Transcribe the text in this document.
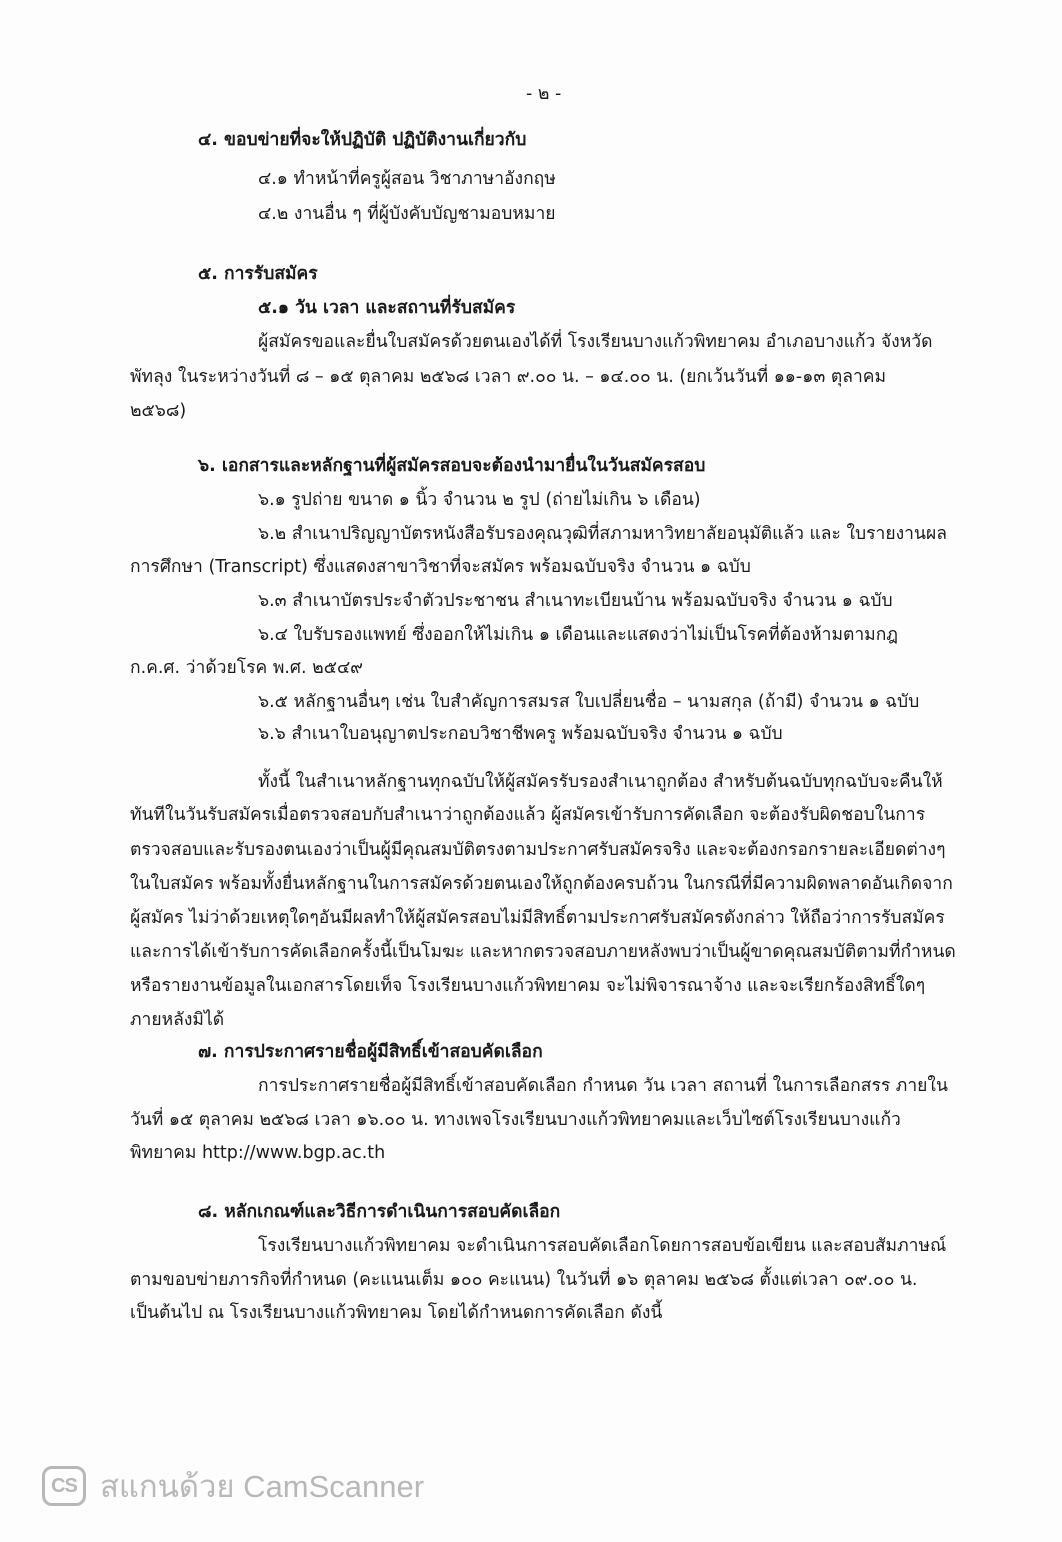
- ๒ -

๔. ขอบข่ายที่จะให้ปฏิบัติ ปฏิบัติงานเกี่ยวกับ

๔.๑ ทำหน้าที่ครูผู้สอน วิชาภาษาอังกฤษ

๔.๒ งานอื่น ๆ ที่ผู้บังคับบัญชามอบหมาย

๕. การรับสมัคร

๕.๑ วัน เวลา และสถานที่รับสมัคร

ผู้สมัครขอและยื่นใบสมัครด้วยตนเองได้ที่ โรงเรียนบางแก้วพิทยาคม อำเภอบางแก้ว จังหวัด

พัทลุง ในระหว่างวันที่ ๘ – ๑๕ ตุลาคม ๒๕๖๘ เวลา ๙.๐๐ น. – ๑๔.๐๐ น. (ยกเว้นวันที่ ๑๑-๑๓ ตุลาคม

๒๕๖๘)

๖. เอกสารและหลักฐานที่ผู้สมัครสอบจะต้องนำมายื่นในวันสมัครสอบ

๖.๑ รูปถ่าย ขนาด ๑ นิ้ว จำนวน ๒ รูป (ถ่ายไม่เกิน ๖ เดือน)

๖.๒ สำเนาปริญญาบัตรหนังสือรับรองคุณวุฒิที่สภามหาวิทยาลัยอนุมัติแล้ว และ ใบรายงานผล

การศึกษา (Transcript) ซึ่งแสดงสาขาวิชาที่จะสมัคร พร้อมฉบับจริง จำนวน ๑ ฉบับ

๖.๓ สำเนาบัตรประจำตัวประชาชน สำเนาทะเบียนบ้าน พร้อมฉบับจริง จำนวน ๑ ฉบับ

๖.๔ ใบรับรองแพทย์ ซึ่งออกให้ไม่เกิน ๑ เดือนและแสดงว่าไม่เป็นโรคที่ต้องห้ามตามกฎ

ก.ค.ศ. ว่าด้วยโรค พ.ศ. ๒๕๔๙

๖.๕ หลักฐานอื่นๆ เช่น ใบสำคัญการสมรส ใบเปลี่ยนชื่อ – นามสกุล (ถ้ามี) จำนวน ๑ ฉบับ

๖.๖ สำเนาใบอนุญาตประกอบวิชาชีพครู พร้อมฉบับจริง จำนวน ๑ ฉบับ

ทั้งนี้ ในสำเนาหลักฐานทุกฉบับให้ผู้สมัครรับรองสำเนาถูกต้อง สำหรับต้นฉบับทุกฉบับจะคืนให้

ทันทีในวันรับสมัครเมื่อตรวจสอบกับสำเนาว่าถูกต้องแล้ว ผู้สมัครเข้ารับการคัดเลือก จะต้องรับผิดชอบในการ

ตรวจสอบและรับรองตนเองว่าเป็นผู้มีคุณสมบัติตรงตามประกาศรับสมัครจริง และจะต้องกรอกรายละเอียดต่างๆ

ในใบสมัคร พร้อมทั้งยื่นหลักฐานในการสมัครด้วยตนเองให้ถูกต้องครบถ้วน ในกรณีที่มีความผิดพลาดอันเกิดจาก

ผู้สมัคร ไม่ว่าด้วยเหตุใดๆอันมีผลทำให้ผู้สมัครสอบไม่มีสิทธิ์ตามประกาศรับสมัครดังกล่าว ให้ถือว่าการรับสมัคร

และการได้เข้ารับการคัดเลือกครั้งนี้เป็นโมฆะ และหากตรวจสอบภายหลังพบว่าเป็นผู้ขาดคุณสมบัติตามที่กำหนด

หรือรายงานข้อมูลในเอกสารโดยเท็จ โรงเรียนบางแก้วพิทยาคม จะไม่พิจารณาจ้าง และจะเรียกร้องสิทธิ์ใดๆ

ภายหลังมิได้

๗. การประกาศรายชื่อผู้มีสิทธิ์เข้าสอบคัดเลือก

การประกาศรายชื่อผู้มีสิทธิ์เข้าสอบคัดเลือก กำหนด วัน เวลา สถานที่ ในการเลือกสรร ภายใน

วันที่ ๑๕ ตุลาคม ๒๕๖๘ เวลา ๑๖.๐๐ น. ทางเพจโรงเรียนบางแก้วพิทยาคมและเว็บไซต์โรงเรียนบางแก้ว

พิทยาคม http://www.bgp.ac.th

๘. หลักเกณฑ์และวิธีการดำเนินการสอบคัดเลือก

โรงเรียนบางแก้วพิทยาคม จะดำเนินการสอบคัดเลือกโดยการสอบข้อเขียน และสอบสัมภาษณ์

ตามขอบข่ายภารกิจที่กำหนด (คะแนนเต็ม ๑๐๐ คะแนน) ในวันที่ ๑๖ ตุลาคม ๒๕๖๘ ตั้งแต่เวลา ๐๙.๐๐ น.

เป็นต้นไป ณ โรงเรียนบางแก้วพิทยาคม โดยได้กำหนดการคัดเลือก ดังนี้

CS สแกนด้วย CamScanner
